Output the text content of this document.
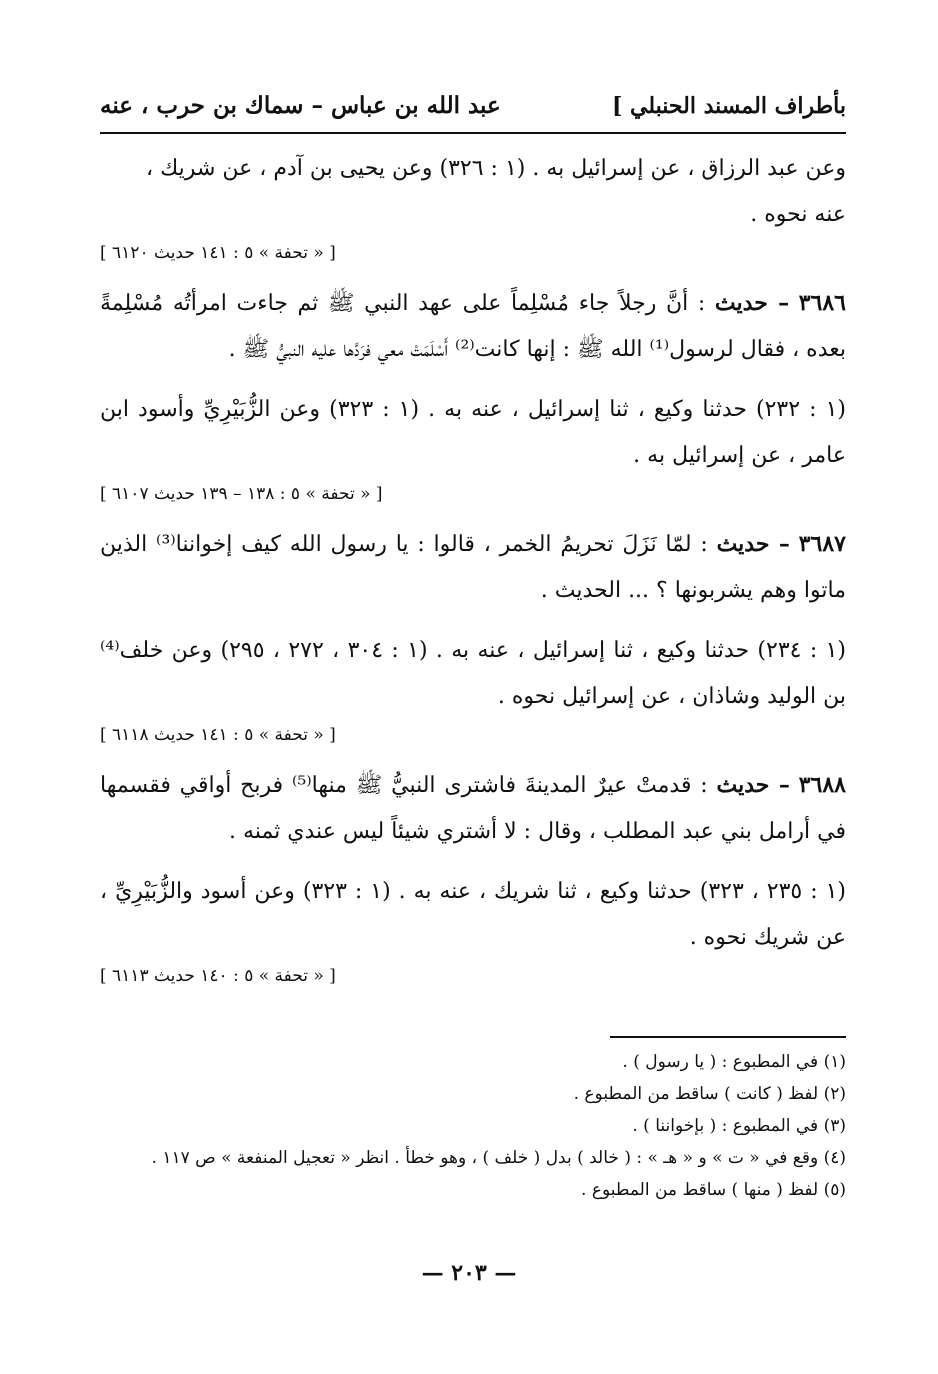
بأطراف المسند الحنبلي ]
عبد الله بن عباس – سماك بن حرب ، عنه

وعن عبد الرزاق ، عن إسرائيل به . (١ : ٣٢٦) وعن يحيى بن آدم ، عن شريك ،

عنه نحوه .

[ « تحفة » ٥ : ١٤١ حديث ٦١٢٠ ]

٣٦٨٦ – حديث : أنَّ رجلاً جاء مُسْلِماً على عهد النبي ﷺ ثم جاءت امرأتُه مُسْلِمةً بعده ، فقال لرسول⁽¹⁾ الله ﷺ : إنها كانت⁽²⁾ أَسْلَمَتْ معي فرَدَّها عليه النبيُّ ﷺ .

(١ : ٢٣٢) حدثنا وكيع ، ثنا إسرائيل ، عنه به . (١ : ٣٢٣) وعن الزُّبَيْرِيِّ وأسود ابن عامر ، عن إسرائيل به .

[ « تحفة » ٥ : ١٣٨ – ١٣٩ حديث ٦١٠٧ ]

٣٦٨٧ – حديث : لمّا نَزَلَ تحريمُ الخمر ، قالوا : يا رسول الله كيف إخواننا⁽³⁾ الذين ماتوا وهم يشربونها ؟ ... الحديث .

(١ : ٢٣٤) حدثنا وكيع ، ثنا إسرائيل ، عنه به . (١ : ٣٠٤ ، ٢٧٢ ، ٢٩٥) وعن خلف⁽⁴⁾ بن الوليد وشاذان ، عن إسرائيل نحوه .

[ « تحفة » ٥ : ١٤١ حديث ٦١١٨ ]

٣٦٨٨ – حديث : قدمتْ عيرٌ المدينةَ فاشترى النبيُّ ﷺ منها⁽⁵⁾ فربح أواقي فقسمها في أرامل بني عبد المطلب ، وقال : لا أشتري شيئاً ليس عندي ثمنه .

(١ : ٢٣٥ ، ٣٢٣) حدثنا وكيع ، ثنا شريك ، عنه به . (١ : ٣٢٣) وعن أسود والزُّبَيْرِيِّ ، عن شريك نحوه .

[ « تحفة » ٥ : ١٤٠ حديث ٦١١٣ ]

(١) في المطبوع : ( يا رسول ) .

(٢) لفظ ( كانت ) ساقط من المطبوع .

(٣) في المطبوع : ( بإخواننا ) .

(٤) وقع في « ت » و « هـ » : ( خالد ) بدل ( خلف ) ، وهو خطأ . انظر « تعجيل المنفعة » ص ١١٧ .

(٥) لفظ ( منها ) ساقط من المطبوع .

— ٢٠٣ —
